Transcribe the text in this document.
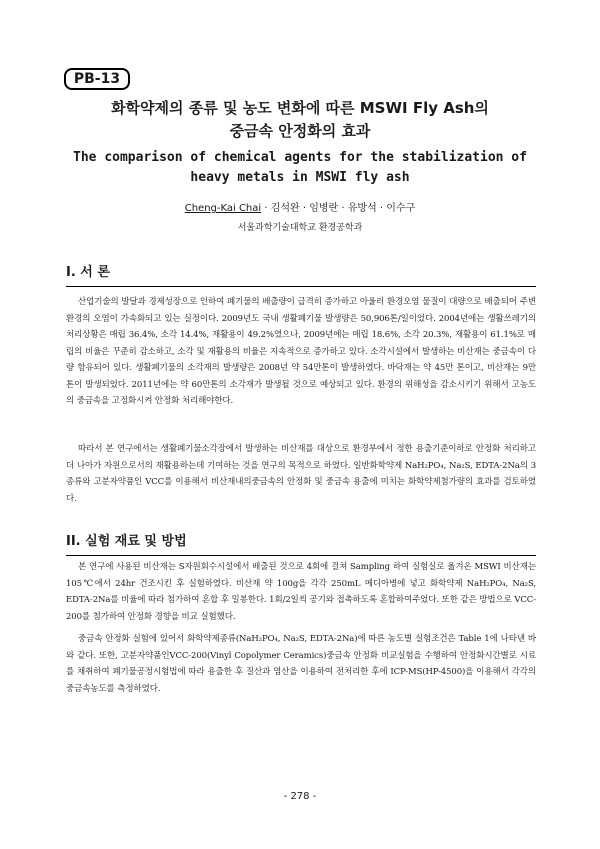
PB-13
화학약제의 종류 및 농도 변화에 따른 MSWI Fly Ash의
중금속 안정화의 효과
The comparison of chemical agents for the stabilization of
heavy metals in MSWI fly ash
Cheng-Kai Chai · 김석완 · 임병란 · 유방석 · 이수구
서울과학기술대학교 환경공학과
I. 서 론

산업기술의 발달과 경제성장으로 인하여 폐기물의 배출량이 급격히 증가하고 아울러 환경오염 물질이 대량으로 배출되어 주변 환경의 오염이 가속화되고 있는 실정이다. 2009년도 국내 생활폐기물 발생량은 50,906톤/일이었다. 2004년에는 생활쓰레기의 처리상황은 매립 36.4%, 소각 14.4%, 재활용이 49.2%였으나, 2009년에는 매립 18.6%, 소각 20.3%, 재활용이 61.1%로 매립의 비율은 꾸준히 감소하고, 소각 및 재활용의 비율은 지속적으로 증가하고 있다. 소각시설에서 발생하는 비산재는 중금속이 다량 함유되어 있다. 생활폐기물의 소각재의 발생량은 2008년 약 54만톤이 발생하였다. 바닥재는 약 45만 톤이고, 비산재는 9만 톤이 발생되었다. 2011년에는 약 60만톤의 소각재가 발생될 것으로 예상되고 있다. 환경의 위해성을 감소시키기 위해서 고농도의 중금속을 고정화시켜 안정화 처리해야한다.

따라서 본 연구에서는 생활폐기물소각장에서 발생하는 비산재를 대상으로 환경부에서 정한 용출기준이하로 안정화 처리하고 더 나아가 자원으로서의 재활용하는데 기여하는 것을 연구의 목적으로 하였다. 일반화학약제 NaH₂PO₄, Na₂S, EDTA-2Na의 3종류와 고분자약품인 VCC를 이용해서 비산재내의중금속의 안정화 및 중금속 용출에 미치는 화학약제첨가량의 효과를 검토하였다.

II. 실험 재료 및 방법

본 연구에 사용된 비산재는 S자원회수시설에서 배출된 것으로 4회에 걸쳐 Sampling 하여 실험실로 옮겨온 MSWI 비산재는 105℃에서 24hr 건조시킨 후 실험하였다. 비산재 약 100g을 각각 250mL 메디아병에 넣고 화학약제 NaH₂PO₄, Na₂S, EDTA-2Na를 비율에 따라 첨가하여 혼합 후 밀봉한다. 1회/2일씩 공기와 접촉하도록 혼합하여주었다. 또한 같은 방법으로 VCC-200를 첨가하여 안정화 경향을 비교 실험했다.

중금속 안정화 실험에 있어서 화학약제종류(NaH₂PO₄, Na₂S, EDTA-2Na)에 따른 농도별 실험조건은 Table 1에 나타낸 바와 같다. 또한, 고분자약품인VCC-200(Vinyl Copolymer Ceramics)중금속 안정화 비교실험을 수행하여 안정화시간별로 시료를 채취하여 폐기물공정시험법에 따라 용출한 후 질산과 염산을 이용하여 전처리한 후에 ICP-MS(HP-4500)을 이용해서 각각의 중금속농도를 측정하였다.

- 278 -
